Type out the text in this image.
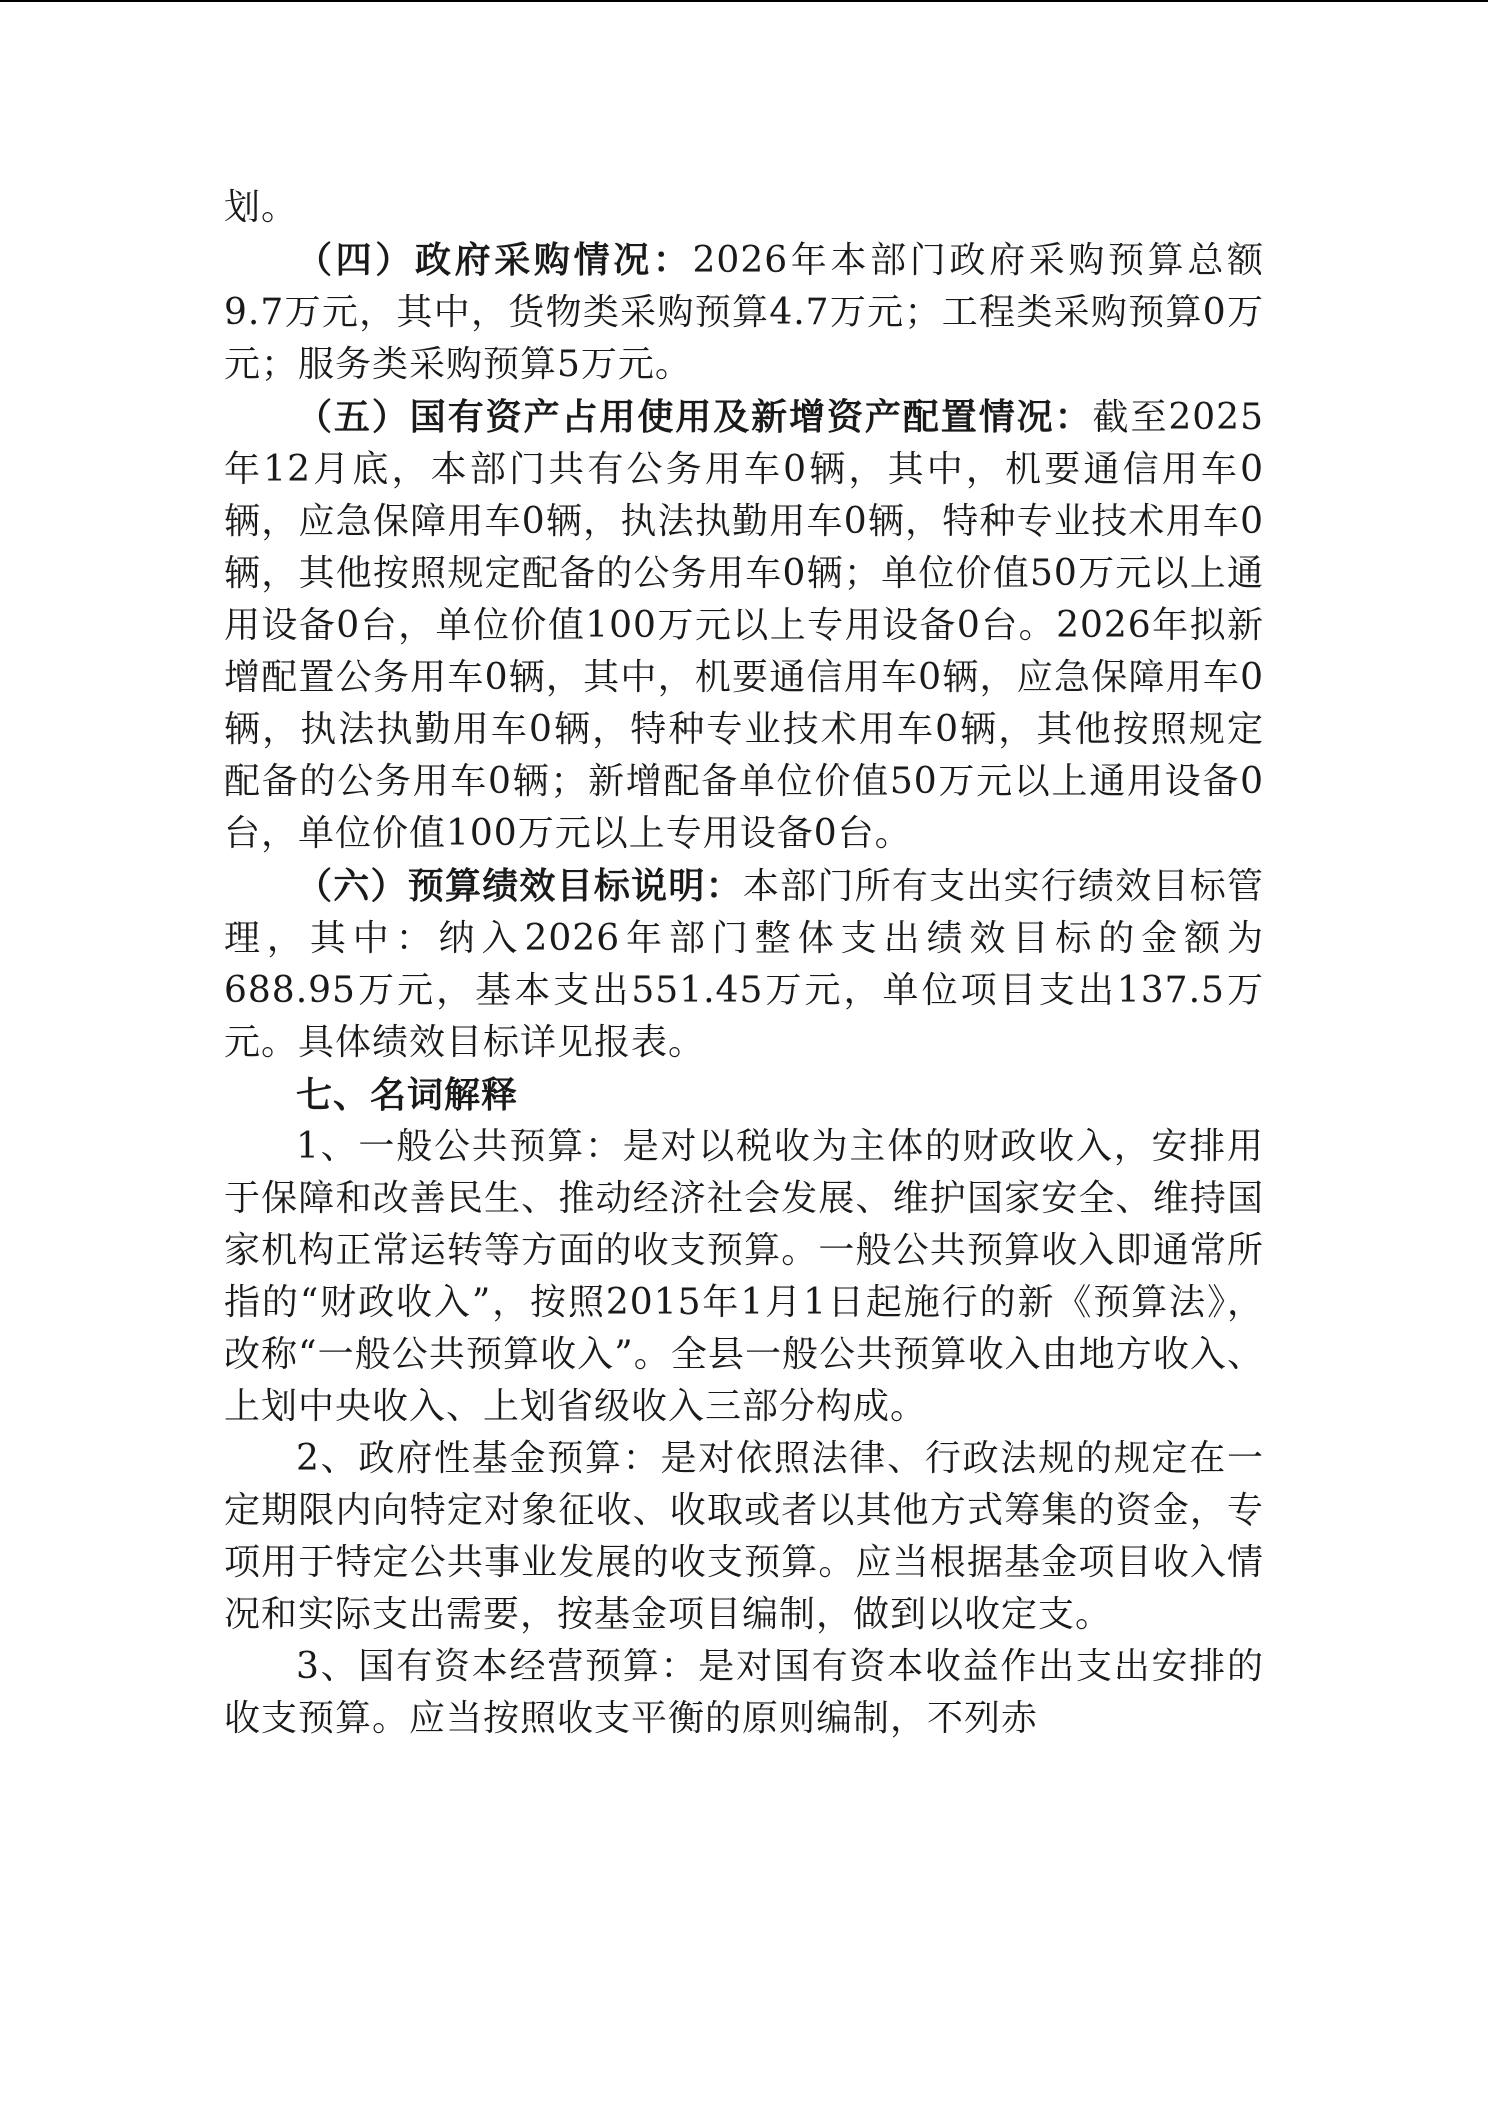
划。

（四）政府采购情况：2026年本部门政府采购预算总额9.7万元，其中，货物类采购预算4.7万元；工程类采购预算0万元；服务类采购预算5万元。

（五）国有资产占用使用及新增资产配置情况：截至2025年12月底，本部门共有公务用车0辆，其中，机要通信用车0辆，应急保障用车0辆，执法执勤用车0辆，特种专业技术用车0辆，其他按照规定配备的公务用车0辆；单位价值50万元以上通用设备0台，单位价值100万元以上专用设备0台。2026年拟新增配置公务用车0辆，其中，机要通信用车0辆，应急保障用车0辆，执法执勤用车0辆，特种专业技术用车0辆，其他按照规定配备的公务用车0辆；新增配备单位价值50万元以上通用设备0台，单位价值100万元以上专用设备0台。

（六）预算绩效目标说明：本部门所有支出实行绩效目标管理，其中：纳入2026年部门整体支出绩效目标的金额为688.95万元，基本支出551.45万元，单位项目支出137.5万元。具体绩效目标详见报表。

七、名词解释

1、一般公共预算：是对以税收为主体的财政收入，安排用于保障和改善民生、推动经济社会发展、维护国家安全、维持国家机构正常运转等方面的收支预算。一般公共预算收入即通常所指的“财政收入”，按照2015年1月1日起施行的新《预算法》，改称“一般公共预算收入”。全县一般公共预算收入由地方收入、上划中央收入、上划省级收入三部分构成。

2、政府性基金预算：是对依照法律、行政法规的规定在一定期限内向特定对象征收、收取或者以其他方式筹集的资金，专项用于特定公共事业发展的收支预算。应当根据基金项目收入情况和实际支出需要，按基金项目编制，做到以收定支。

3、国有资本经营预算：是对国有资本收益作出支出安排的收支预算。应当按照收支平衡的原则编制，不列赤
